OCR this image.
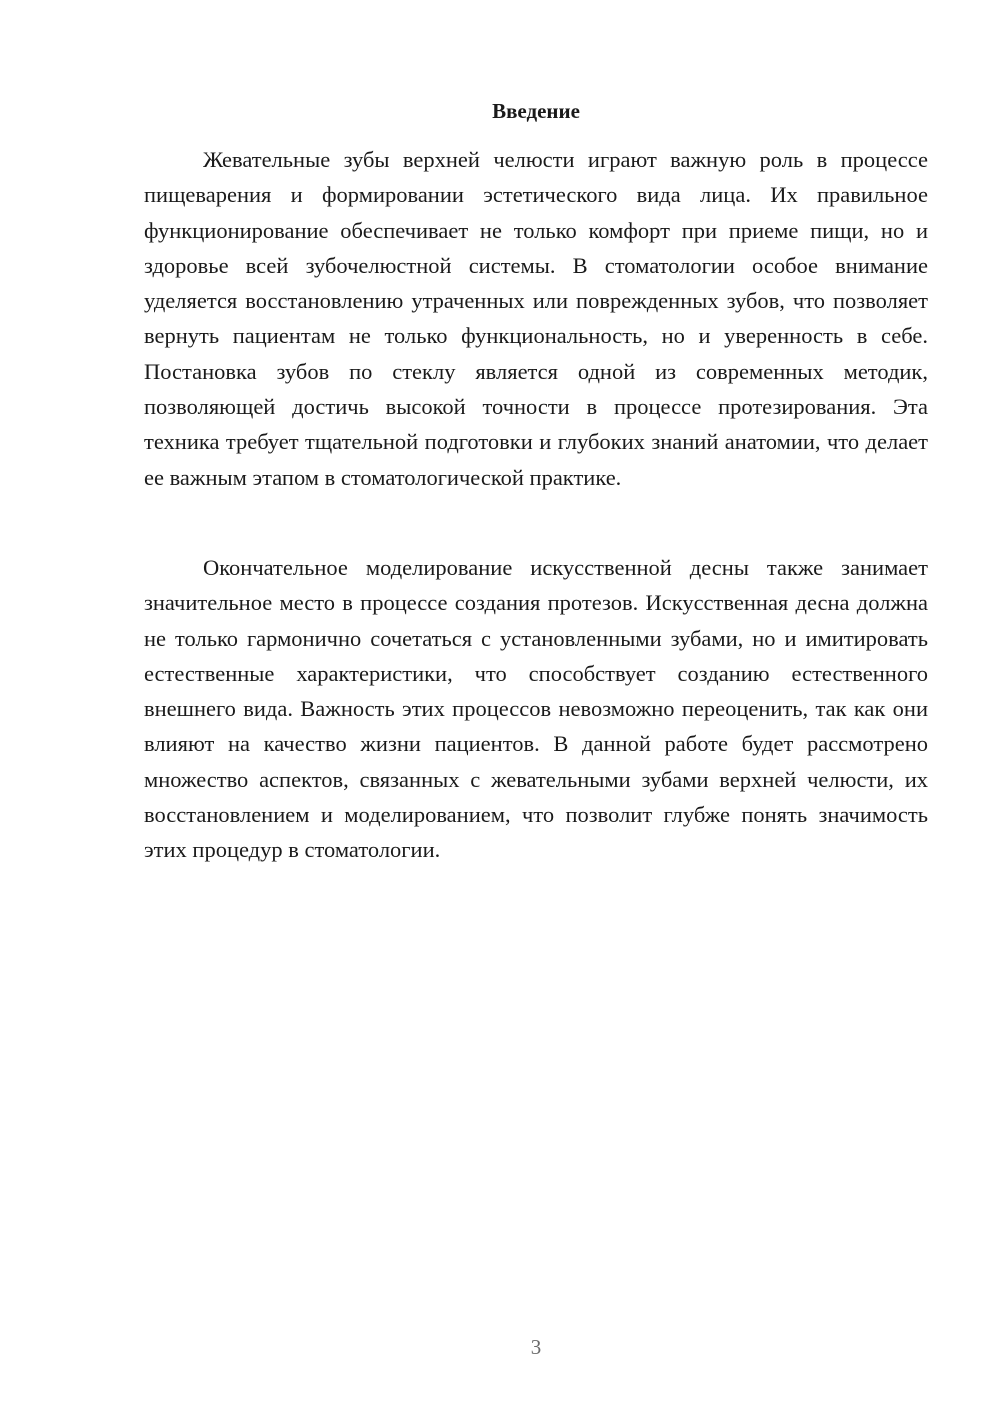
Введение

Жевательные зубы верхней челюсти играют важную роль в процессе пищеварения и формировании эстетического вида лица. Их правильное функционирование обеспечивает не только комфорт при приеме пищи, но и здоровье всей зубочелюстной системы. В стоматологии особое внимание уделяется восстановлению утраченных или поврежденных зубов, что позволяет вернуть пациентам не только функциональность, но и уверенность в себе. Постановка зубов по стеклу является одной из современных методик, позволяющей достичь высокой точности в процессе протезирования. Эта техника требует тщательной подготовки и глубоких знаний анатомии, что делает ее важным этапом в стоматологической практике.

Окончательное моделирование искусственной десны также занимает значительное место в процессе создания протезов. Искусственная десна должна не только гармонично сочетаться с установленными зубами, но и имитировать естественные характеристики, что способствует созданию естественного внешнего вида. Важность этих процессов невозможно переоценить, так как они влияют на качество жизни пациентов. В данной работе будет рассмотрено множество аспектов, связанных с жевательными зубами верхней челюсти, их восстановлением и моделированием, что позволит глубже понять значимость этих процедур в стоматологии.

3
